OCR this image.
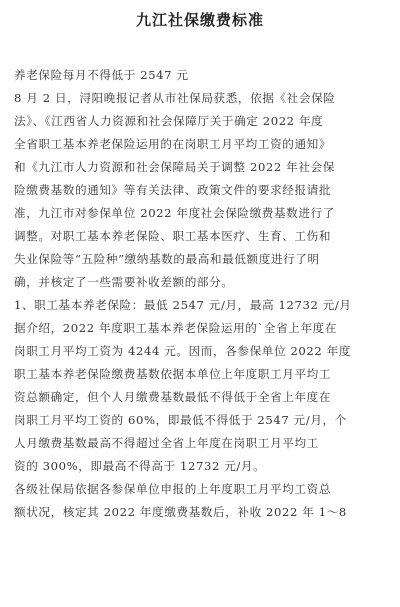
九江社保缴费标准

养老保险每月不得低于 2547 元

8 月 2 日，浔阳晚报记者从市社保局获悉，依据《社会保险
法》、《江西省人力资源和社会保障厅关于确定 2022 年度
全省职工基本养老保险运用的在岗职工月平均工资的通知》
和《九江市人力资源和社会保障局关于调整 2022 年社会保
险缴费基数的通知》等有关法律、政策文件的要求经报请批
准，九江市对参保单位 2022 年度社会保险缴费基数进行了
调整。对职工基本养老保险、职工基本医疗、生育、工伤和
失业保险等“五险种”缴纳基数的最高和最低额度进行了明
确，并核定了一些需要补收差额的部分。

1、职工基本养老保险：最低 2547 元/月，最高 12732 元/月
据介绍，2022 年度职工基本养老保险运用的`全省上年度在
岗职工月平均工资为 4244 元。因而，各参保单位 2022 年度
职工基本养老保险缴费基数依据本单位上年度职工月平均工
资总额确定，但个人月缴费基数最低不得低于全省上年度在
岗职工月平均工资的 60%，即最低不得低于 2547 元/月，个
人月缴费基数最高不得超过全省上年度在岗职工月平均工
资的 300%，即最高不得高于 12732 元/月。

各级社保局依据各参保单位申报的上年度职工月平均工资总
额状况，核定其 2022 年度缴费基数后，补收 2022 年 1～8
